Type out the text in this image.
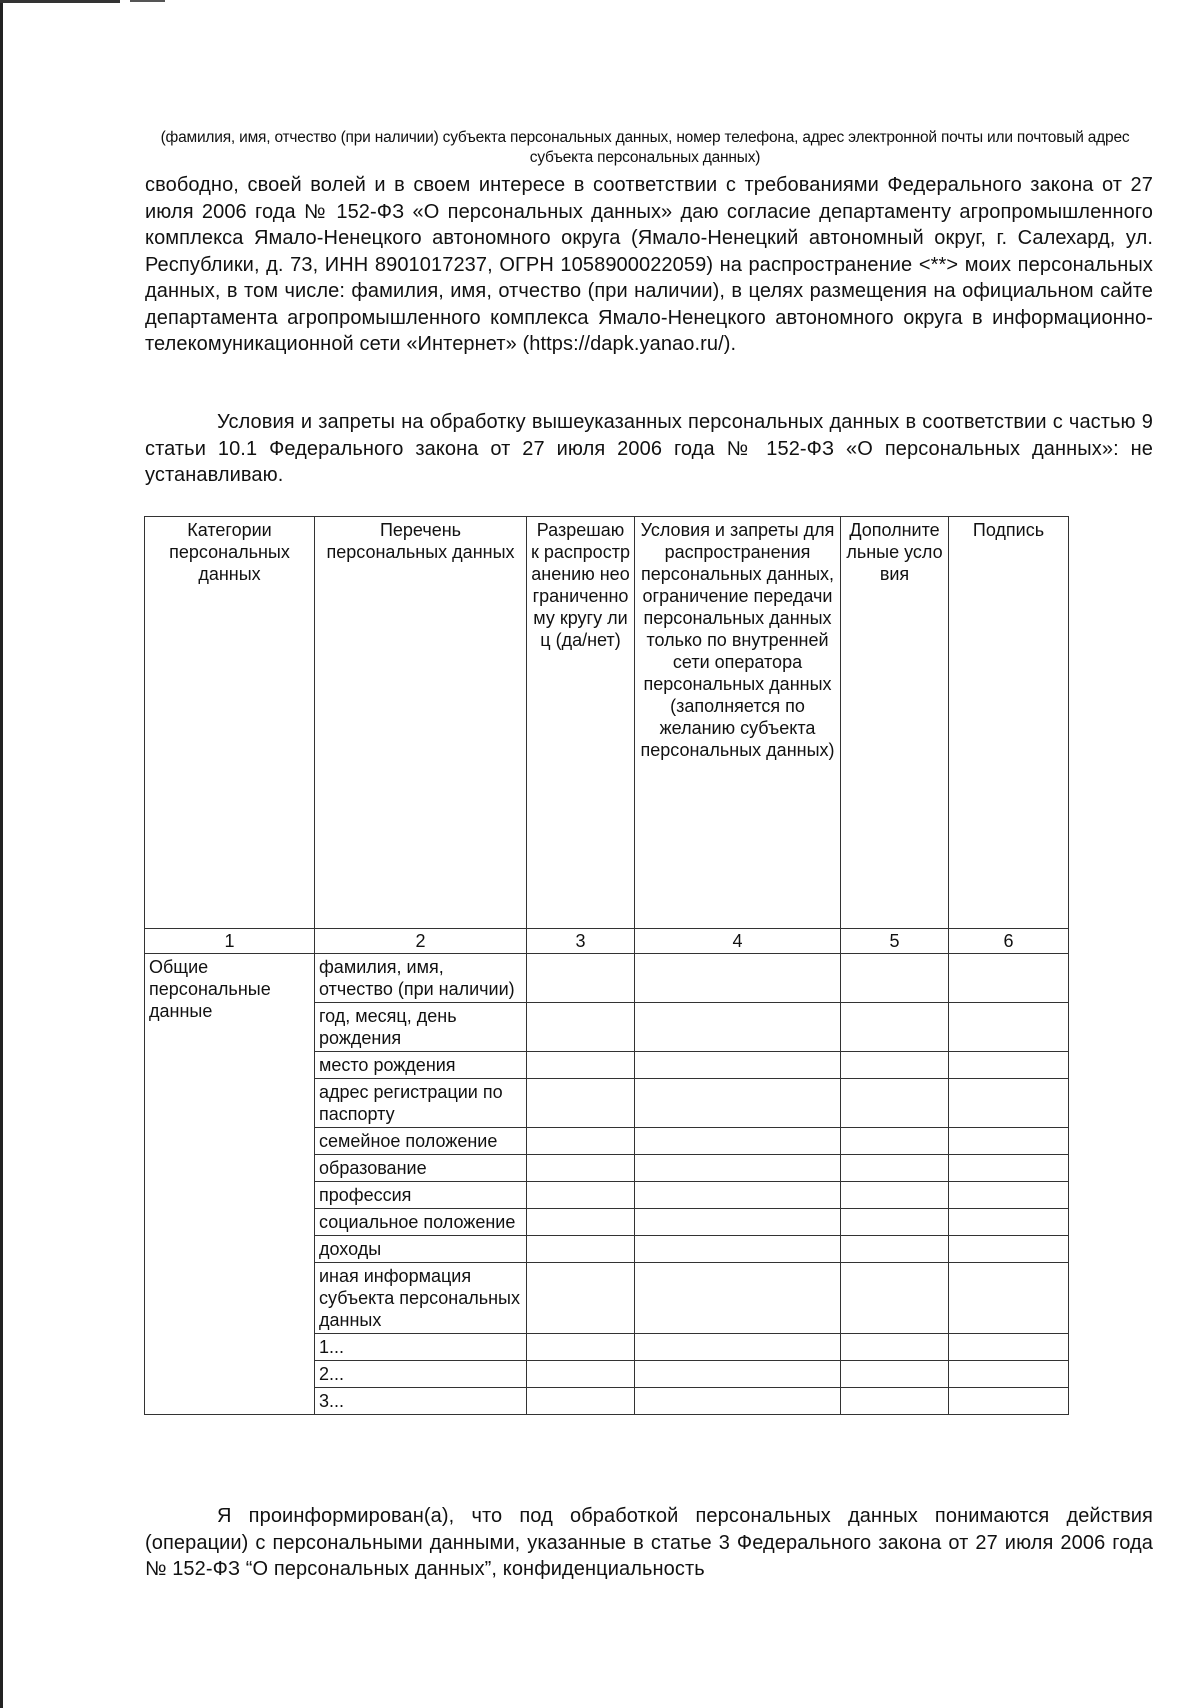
(фамилия, имя, отчество (при наличии) субъекта персональных данных, номер телефона, адрес электронной почты или почтовый адрес субъекта персональных данных)

свободно, своей волей и в своем интересе в соответствии с требованиями Федерального закона от 27 июля 2006 года № 152-ФЗ «О персональных данных» даю согласие департаменту агропромышленного комплекса Ямало-Ненецкого автономного округа (Ямало-Ненецкий автономный округ, г. Салехард, ул. Республики, д. 73, ИНН 8901017237, ОГРН 1058900022059) на распространение <**> моих персональных данных, в том числе: фамилия, имя, отчество (при наличии), в целях размещения на официальном сайте департамента агропромышленного комплекса Ямало-Ненецкого автономного округа в информационно-телекомуникационной сети «Интернет» (https://dapk.yanao.ru/).

Условия и запреты на обработку вышеуказанных персональных данных в соответствии с частью 9 статьи 10.1 Федерального закона от 27 июля 2006 года № 152-ФЗ «О персональных данных»: не устанавливаю.

Категории персональных данных	Перечень персональных данных	Разрешаю к распространению неограниченному кругу лиц (да/нет)	Условия и запреты для распространения персональных данных, ограничение передачи персональных данных только по внутренней сети оператора персональных данных (заполняется по желанию субъекта персональных данных)	Дополнительные условия	Подпись
1	2	3	4	5	6
Общие персональные данные	фамилия, имя, отчество (при наличии)				
	год, месяц, день рождения				
	место рождения				
	адрес регистрации по паспорту				
	семейное положение				
	образование				
	профессия				
	социальное положение				
	доходы				
	иная информация субъекта персональных данных				
	1...				
	2...				
	3...				

Я проинформирован(а), что под обработкой персональных данных понимаются действия (операции) с персональными данными, указанные в статье 3 Федерального закона от 27 июля 2006 года № 152-ФЗ “О персональных данных”, конфиденциальность
